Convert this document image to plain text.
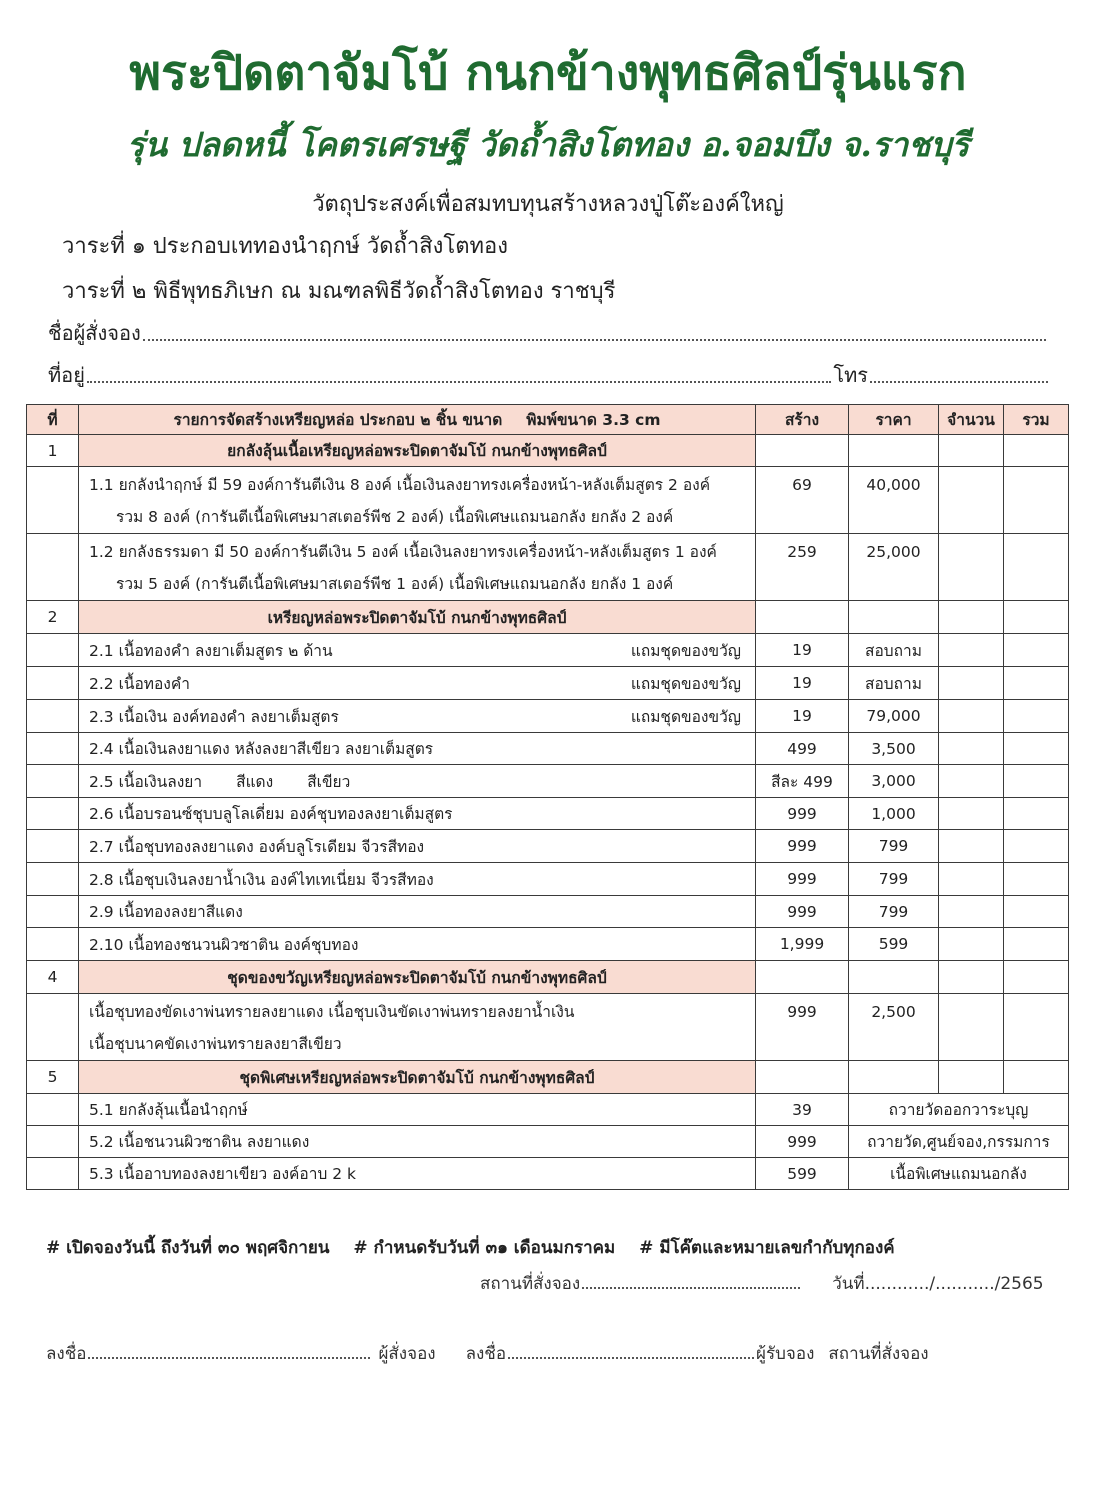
พระปิดตาจัมโบ้ กนกข้างพุทธศิลป์รุ่นแรก
รุ่น ปลดหนี้ โคตรเศรษฐี วัดถ้ำสิงโตทอง อ.จอมบึง จ.ราชบุรี
วัตถุประสงค์เพื่อสมทบทุนสร้างหลวงปู่โต๊ะองค์ใหญ่
วาระที่ ๑ ประกอบเททองนำฤกษ์ วัดถ้ำสิงโตทอง
วาระที่ ๒ พิธีพุทธภิเษก ณ มณฑลพิธีวัดถ้ำสิงโตทอง ราชบุรี
ชื่อผู้สั่งจอง
ที่อยู่	โทร
ที่	รายการจัดสร้างเหรียญหล่อ ประกอบ ๒ ชิ้น ขนาด พิมพ์ขนาด 3.3 cm	สร้าง	ราคา	จำนวน	รวม
1	ยกลังลุ้นเนื้อเหรียญหล่อพระปิดตาจัมโบ้ กนกข้างพุทธศิลป์				

	1.1 ยกลังนำฤกษ์ มี 59 องค์การันตีเงิน 8 องค์ เนื้อเงินลงยาทรงเครื่องหน้า-หลังเต็มสูตร 2 องค์
รวม 8 องค์ (การันตีเนื้อพิเศษมาสเตอร์พีช 2 องค์) เนื้อพิเศษแถมนอกลัง ยกลัง 2 องค์	69	40,000		

	1.2 ยกลังธรรมดา มี 50 องค์การันตีเงิน 5 องค์ เนื้อเงินลงยาทรงเครื่องหน้า-หลังเต็มสูตร 1 องค์
รวม 5 องค์ (การันตีเนื้อพิเศษมาสเตอร์พีช 1 องค์) เนื้อพิเศษแถมนอกลัง ยกลัง 1 องค์	259	25,000		
2	เหรียญหล่อพระปิดตาจัมโบ้ กนกข้างพุทธศิลป์				

	2.1 เนื้อทองคำ ลงยาเต็มสูตร ๒ ด้าน แถมชุดของขวัญ	19	สอบถาม		

	2.2 เนื้อทองคำ แถมชุดของขวัญ	19	สอบถาม		

	2.3 เนื้อเงิน องค์ทองคำ ลงยาเต็มสูตร แถมชุดของขวัญ	19	79,000		
	2.4 เนื้อเงินลงยาแดง หลังลงยาสีเขียว ลงยาเต็มสูตร	499	3,500		
	2.5 เนื้อเงินลงยา สีแดง สีเขียว	สีละ 499	3,000		
	2.6 เนื้อบรอนซ์ชุบบลูโลเดี่ยม องค์ชุบทองลงยาเต็มสูตร	999	1,000		
	2.7 เนื้อชุบทองลงยาแดง องค์บลูโรเดียม จีวรสีทอง	999	799		
	2.8 เนื้อชุบเงินลงยาน้ำเงิน องค์ไทเทเนี่ยม จีวรสีทอง	999	799		
	2.9 เนื้อทองลงยาสีแดง	999	799		
	2.10 เนื้อทองชนวนผิวซาติน องค์ชุบทอง	1,999	599		
4	ชุดของขวัญเหรียญหล่อพระปิดตาจัมโบ้ กนกข้างพุทธศิลป์				

	เนื้อชุบทองขัดเงาพ่นทรายลงยาแดง เนื้อชุบเงินขัดเงาพ่นทรายลงยาน้ำเงิน
เนื้อชุบนาคขัดเงาพ่นทรายลงยาสีเขียว	999	2,500		
5	ชุดพิเศษเหรียญหล่อพระปิดตาจัมโบ้ กนกข้างพุทธศิลป์				
	5.1 ยกลังลุ้นเนื้อนำฤกษ์	39	ถวายวัดออกวาระบุญ		
	5.2 เนื้อชนวนผิวซาติน ลงยาแดง	999	ถวายวัด,ศูนย์จอง,กรรมการ		
	5.3 เนื้ออาบทองลงยาเขียว องค์อาบ 2 k	599	เนื้อพิเศษแถมนอกลัง		
# เปิดจองวันนี้ ถึงวันที่ ๓๐ พฤศจิกายน # กำหนดรับวันที่ ๓๑ เดือนมกราคม # มีโค๊ตและหมายเลขกำกับทุกองค์
สถานที่สั่งจอง	วันที่ ............/.........../2565
ลงชื่อ	ผู้สั่งจอง ลงชื่อ	ผู้รับจอง สถานที่สั่งจอง
